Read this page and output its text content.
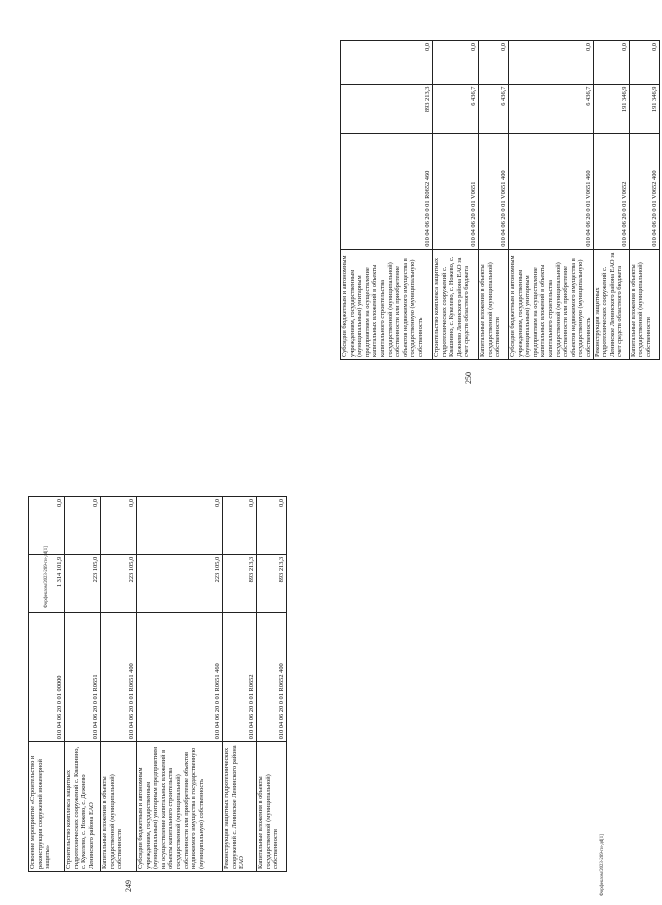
249
Освоение мероприятие «Строительство и реконструкция сооружений инженерной защиты»	010 04 06 20 0 01 00000	1 314 101,9	0,0
Строительство комплекса защитных гидротехнических сооружений с. Квашнино, с. Кукелево, с. Ножево, с. Дежнево Ленинского района ЕАО	010 04 06 20 0 01 R0651	223 105,0	0,0
Капитальные вложения в объекты государственной (муниципальной) собственности	010 04 06 20 0 01 R0651 400	223 105,0	0,0
Субсидии бюджетным и автономным учреждениям, государственным (муниципальным) унитарным предприятиям на осуществление капитальных вложений в объекты капитального строительства государственной (муниципальной) собственности или приобретение объектов недвижимого имущества в государственную (муниципальную) собственность	010 04 06 20 0 01 R0651 460	223 105,0	0,0
Реконструкция защитных гидротехнических сооружений с. Ленинское Ленинского района ЕАО	010 04 06 20 0 01 R0652	893 213,3	0,0
Капитальные вложения в объекты государственной (муниципальной) собственности	010 04 06 20 0 01 R0652 400	893 213,3	0,0
250
Субсидии бюджетным и автономным учреждениям, государственным (муниципальным) унитарным предприятиям на осуществление капитальных вложений в объекты капитального строительства государственной (муниципальной) собственности или приобретение объектов недвижимого имущества в государственную (муниципальную) собственность	010 04 06 20 0 01 R0652 460	893 213,3	0,0
Строительство комплекса защитных гидротехнических сооружений с. Квашнино, с. Кукелево, с. Ножево, с. Дежнево Ленинского района ЕАО за счет средств областного бюджета	010 04 06 20 0 01 V0651	6 436,7	0,0
Капитальные вложения в объекты государственной (муниципальной) собственности	010 04 06 20 0 01 V0651 400	6 436,7	0,0
Субсидии бюджетным и автономным учреждениям, государственным (муниципальным) унитарным предприятиям на осуществление капитальных вложений в объекты капитального строительства государственной (муниципальной) собственности или приобретение объектов недвижимого имущества в государственную (муниципальную) собственность	010 04 06 20 0 01 V0651 460	6 436,7	0,0
Реконструкция защитных гидротехнических сооружений с. Ленинское Ленинского района ЕАО за счет средств областного бюджета	010 04 06 20 0 01 V0652	191 346,9	0,0
Капитальные вложения в объекты государственной (муниципальной) собственности	010 04 06 20 0 01 V0652 400	191 346,9	0,0
Форфеклом/2023-289-ги-дd[1]
Форфеклом/2023-289-ги-дd[1]
